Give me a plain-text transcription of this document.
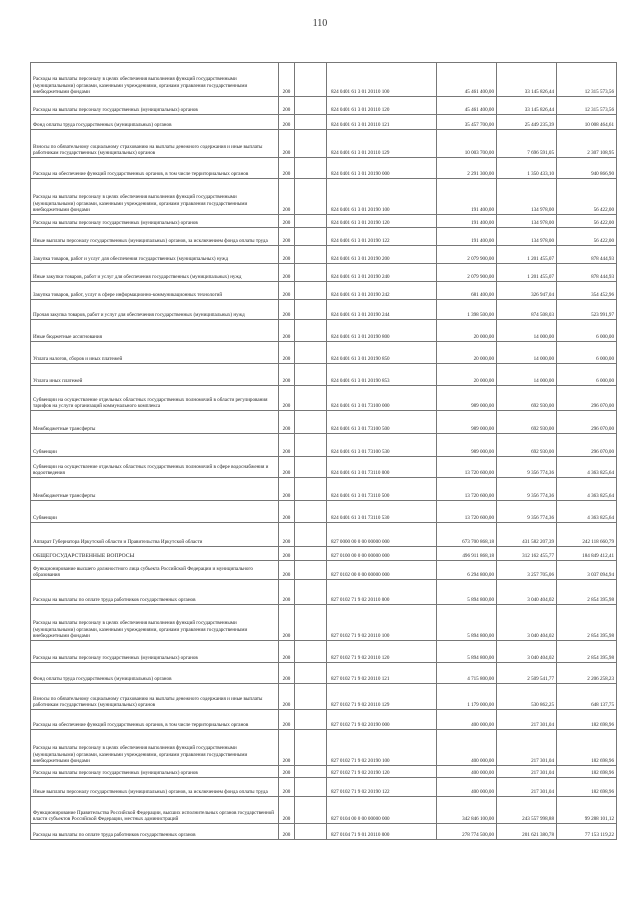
110
Расходы на выплаты персоналу в целях обеспечения выполнения функций государственными (муниципальными) органами, казенными учреждениями, органами управления государственными внебюджетными фондами	200		824 0401 61 3 01 20110 100	45 461 400,00	33 145 826,44	12 315 573,56
Расходы на выплаты персоналу государственных (муниципальных) органов	200		824 0401 61 3 01 20110 120	45 461 400,00	33 145 826,44	12 315 573,56
Фонд оплаты труда государственных (муниципальных) органов	200		824 0401 61 3 01 20110 121	35 457 700,00	25 449 235,39	10 008 464,61
Взносы по обязательному социальному страхованию на выплаты денежного содержания и иные выплаты работникам государственных (муниципальных) органов	200		824 0401 61 3 01 20110 129	10 003 700,00	7 696 591,05	2 307 108,95
Расходы на обеспечение функций государственных органов, в том числе территориальных органов	200		824 0401 61 3 01 20190 000	2 291 300,00	1 350 433,10	940 866,90
Расходы на выплаты персоналу в целях обеспечения выполнения функций государственными (муниципальными) органами, казенными учреждениями, органами управления государственными внебюджетными фондами	200		824 0401 61 3 01 20190 100	191 400,00	134 978,00	56 422,00
Расходы на выплаты персоналу государственных (муниципальных) органов	200		824 0401 61 3 01 20190 120	191 400,00	134 978,00	56 422,00
Иные выплаты персоналу государственных (муниципальных) органов, за исключением фонда оплаты труда	200		824 0401 61 3 01 20190 122	191 400,00	134 978,00	56 422,00
Закупка товаров, работ и услуг для обеспечения государственных (муниципальных) нужд	200		824 0401 61 3 01 20190 200	2 079 900,00	1 201 455,07	878 444,93
Иные закупки товаров, работ и услуг для обеспечения государственных (муниципальных) нужд	200		824 0401 61 3 01 20190 240	2 079 900,00	1 201 455,07	878 444,93
Закупка товаров, работ, услуг в сфере информационно-коммуникационных технологий	200		824 0401 61 3 01 20190 242	681 400,00	326 947,04	354 452,96
Прочая закупка товаров, работ и услуг для обеспечения государственных (муниципальных) нужд	200		824 0401 61 3 01 20190 244	1 398 500,00	874 508,03	523 991,97
Иные бюджетные ассигнования	200		824 0401 61 3 01 20190 800	20 000,00	14 000,00	6 000,00
Уплата налогов, сборов и иных платежей	200		824 0401 61 3 01 20190 850	20 000,00	14 000,00	6 000,00
Уплата иных платежей	200		824 0401 61 3 01 20190 853	20 000,00	14 000,00	6 000,00
Субвенции на осуществление отдельных областных государственных полномочий в области регулирования тарифов на услуги организаций коммунального комплекса	200		824 0401 61 3 01 73100 000	989 000,00	692 930,00	296 070,00
Межбюджетные трансферты	200		824 0401 61 3 01 73100 500	989 000,00	692 930,00	296 070,00
Субвенции	200		824 0401 61 3 01 73100 530	989 000,00	692 930,00	296 070,00
Субвенции на осуществление отдельных областных государственных полномочий в сфере водоснабжения и водоотведения	200		824 0401 61 3 01 73110 000	13 720 600,00	9 356 774,36	4 363 825,64
Межбюджетные трансферты	200		824 0401 61 3 01 73110 500	13 720 600,00	9 356 774,36	4 363 825,64
Субвенции	200		824 0401 61 3 01 73110 530	13 720 600,00	9 356 774,36	4 363 825,64
Аппарат Губернатора Иркутской области и Правительства Иркутской области	200		827 0000 00 0 00 00000 000	673 700 868,18	431 582 207,39	242 118 660,79
ОБЩЕГОСУДАРСТВЕННЫЕ ВОПРОСЫ	200		827 0100 00 0 00 00000 000	496 911 868,18	312 162 455,77	184 849 412,41
Функционирование высшего должностного лица субъекта Российской Федерации и муниципального образования	200		827 0102 00 0 00 00000 000	6 294 800,00	3 257 705,06	3 037 094,94
Расходы на выплаты по оплате труда работников государственных органов	200		827 0102 71 9 02 20110 000	5 894 800,00	3 040 404,02	2 854 395,98
Расходы на выплаты персоналу в целях обеспечения выполнения функций государственными (муниципальными) органами, казенными учреждениями, органами управления государственными внебюджетными фондами	200		827 0102 71 9 02 20110 100	5 894 800,00	3 040 404,02	2 854 395,98
Расходы на выплаты персоналу государственных (муниципальных) органов	200		827 0102 71 9 02 20110 120	5 894 800,00	3 040 404,02	2 854 395,98
Фонд оплаты труда государственных (муниципальных) органов	200		827 0102 71 9 02 20110 121	4 715 800,00	2 509 541,77	2 206 258,23
Взносы по обязательному социальному страхованию на выплаты денежного содержания и иные выплаты работникам государственных (муниципальных) органов	200		827 0102 71 9 02 20110 129	1 179 000,00	530 862,25	648 137,75
Расходы на обеспечение функций государственных органов, в том числе территориальных органов	200		827 0102 71 9 02 20190 000	400 000,00	217 301,04	182 698,96
Расходы на выплаты персоналу в целях обеспечения выполнения функций государственными (муниципальными) органами, казенными учреждениями, органами управления государственными внебюджетными фондами	200		827 0102 71 9 02 20190 100	400 000,00	217 301,04	182 698,96
Расходы на выплаты персоналу государственных (муниципальных) органов	200		827 0102 71 9 02 20190 120	400 000,00	217 301,04	182 698,96
Иные выплаты персоналу государственных (муниципальных) органов, за исключением фонда оплаты труда	200		827 0102 71 9 02 20190 122	400 000,00	217 301,04	182 698,96
Функционирование Правительства Российской Федерации, высших исполнительных органов государственной власти субъектов Российской Федерации, местных администраций	200		827 0104 00 0 00 00000 000	342 846 100,00	243 557 998,88	99 288 101,12
Расходы на выплаты по оплате труда работников государственных органов	200		827 0104 71 9 01 20110 000	278 774 500,00	201 621 380,78	77 153 119,22
